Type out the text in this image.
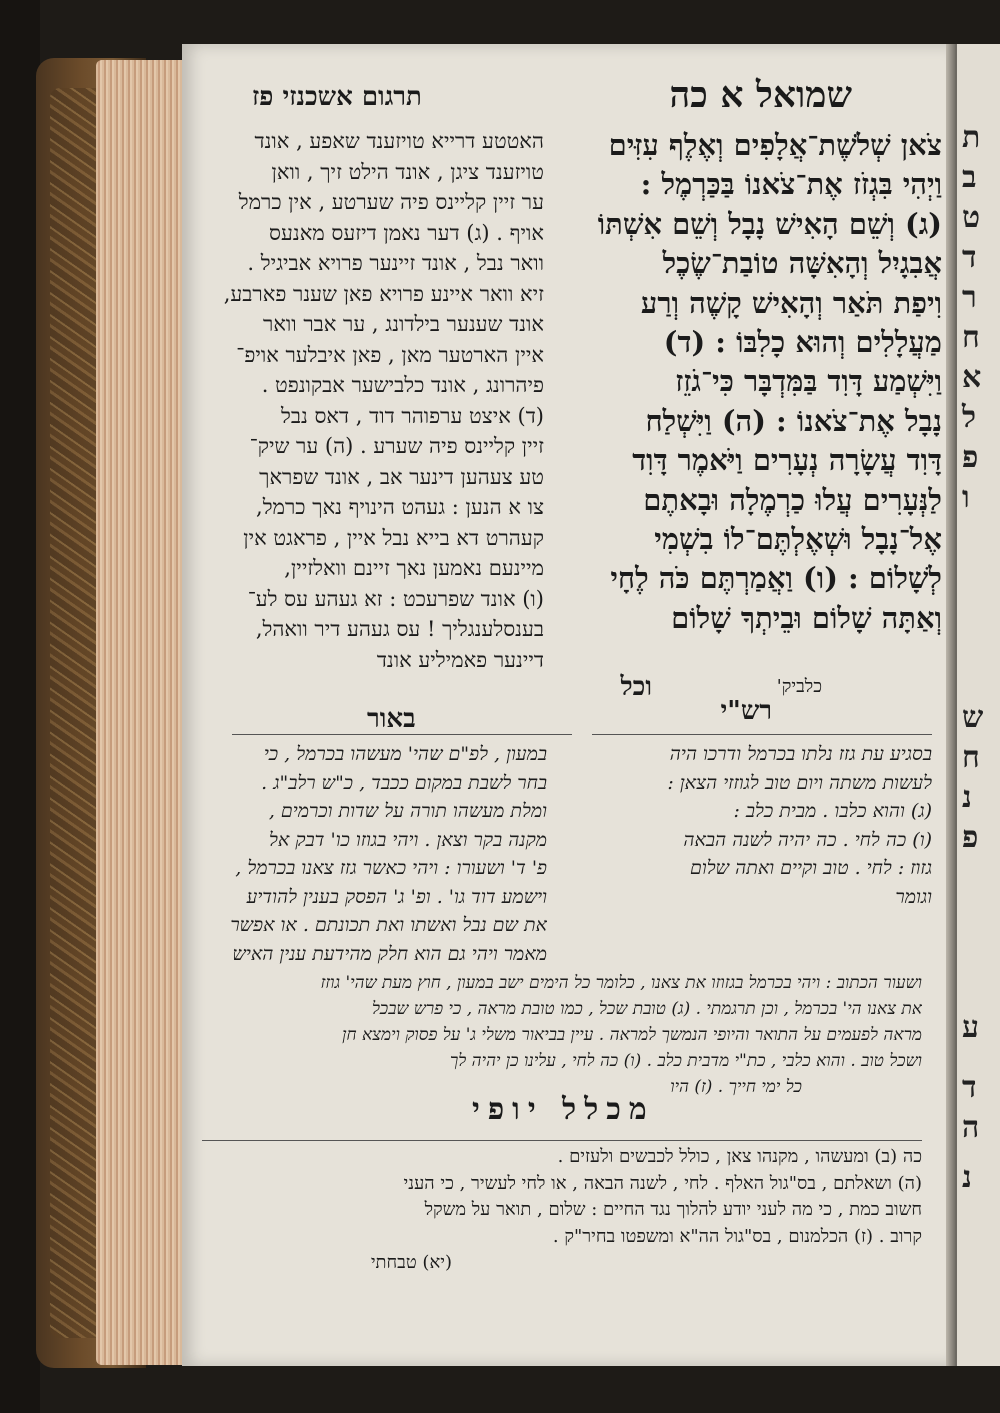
שמואל א כה
תרגום אשכנזי פז
צֹאן שְׁלֹשֶׁת־אֲלָפִים וְאֶלֶף עִזִּים
וַיְהִי בִּגְזֹז אֶת־צֹאנוֹ בַּכַּרְמֶל :
(ג) וְשֵׁם הָאִישׁ נָבָל וְשֵׁם אִשְׁתּוֹ
אֲבִגָיִל וְהָאִשָּׁה טוֹבַת־שֶׂכֶל
וִיפַת תֹּאַר וְהָאִישׁ קָשֶׁה וְרַע
מַעֲלָלִים וְהוּא כָלִבּוֹ : (ד)
וַיִּשְׁמַע דָּוִד בַּמִּדְבָּר כִּי־גֹזֵז
נָבָל אֶת־צֹאנוֹ : (ה) וַיִּשְׁלַח
דָּוִד עֲשָׂרָה נְעָרִים וַיֹּאמֶר דָּוִד
לַנְּעָרִים עֲלוּ כַרְמֶלָה וּבָאתֶם
אֶל־נָבָל וּשְׁאֶלְתֶּם־לוֹ בִשְׁמִי
לְשָׁלוֹם : (ו) וַאֲמַרְתֶּם כֹּה לֶחָי
וְאַתָּה שָׁלוֹם וּבֵיתְךָ שָׁלוֹם
וכל
האטטע דרייא טויזענד שאפע , אונד
טויזענד ציגן , אונד הילט זיך , וואן
ער זיין קליינס פיה שערטע , אין כרמל
אויף . (ג) דער נאמן דיזעס מאנעס
וואר נבל , אונד זיינער פרויא אביגיל .
זיא וואר איינע פרויא פאן שענר פארבע,
אונד שענער בילדונג , ער אבר וואר
איין הארטער מאן , פאן איבלער אויפ־
פיהרונג , אונד כלבישער אבקונפט .
(ד) איצט ערפוהר דוד , דאס נבל
זיין קליינס פיה שערע . (ה) ער שיק־
טע צעהען דינער אב , אונד שפראך
צו א הנען : געהט הינויף נאך כרמל,
קעהרט דא בייא נבל איין , פראגט אין
מיינעם נאמען נאך זיינם וואלזיין,
(ו) אונד שפרעכט : זא געהע עס לע־
בענסלענגליך ! עס געהע דיר וואהל,
דיינער פאמיליע אונד
רש"י
כלביק'
באור
בסגיע עת גזז נלתו בכרמל ודרכו היה
לעשות משתה ויום טוב לגוזזי הצאן :
(ג) והוא כלבו . מבית כלב :
(ו) כה לחי . כה יהיה לשנה הבאה
גזוז : לחי . טוב וקיים ואתה שלום
וגומר
במעון , לפ"ם שהי' מעשהו בכרמל , כי
בחר לשבת במקום ככבד , כ"ש רלב"ג .
ומלת מעשהו תורה על שדות וכרמים ,
מקנה בקר וצאן . ויהי בגוזו כו' דבק אל
פ' ד' ושעורו : ויהי כאשר גזז צאנו בכרמל ,
וישמע דוד גו' . ופ' ג' הפסק בענין להודיע
את שם נבל ואשתו ואת תכונתם . או אפשר
מאמר ויהי גם הוא חלק מהידעת ענין האיש
ושעור הכתוב : ויהי בכרמל בגזוזו את צאנו , כלומר כל הימים ישב במעון , חוץ מעת שהי' גוזז
את צאנו הי' בכרמל , וכן תרגמתי . (ג) טובת שכל , כמו טובת מראה , כי פרש שבכל
מראה לפעמים על התואר והיופי הנמשך למראה . עיין בביאור משלי ג' על פסוק וימצא חן
ושכל טוב . והוא כלבי , כת"י מדבית כלב . (ו) כה לחי , עלינו כן יהיה לך
כל ימי חייך . (ז) היו
מכלל יופי
כה (ב) ומעשהו , מקנהו צאן , כולל לכבשים ולעזים .
(ה) ושאלתם , בס"גול האלף . לחי , לשנה הבאה , או לחי לעשיר , כי העני
חשוב כמת , כי מה לעני יודע להלוך נגד החיים : שלום , תואר על משקל
קרוב . (ז) הכלמנום , בס"גול הה"א ומשפטו בחיר"ק .
(יא) טבחתי
ת
ב
ט
ד
ר
ח
א
ל
פ
ו
ש
ח
נ
פ
ע
ד
ה
נ
